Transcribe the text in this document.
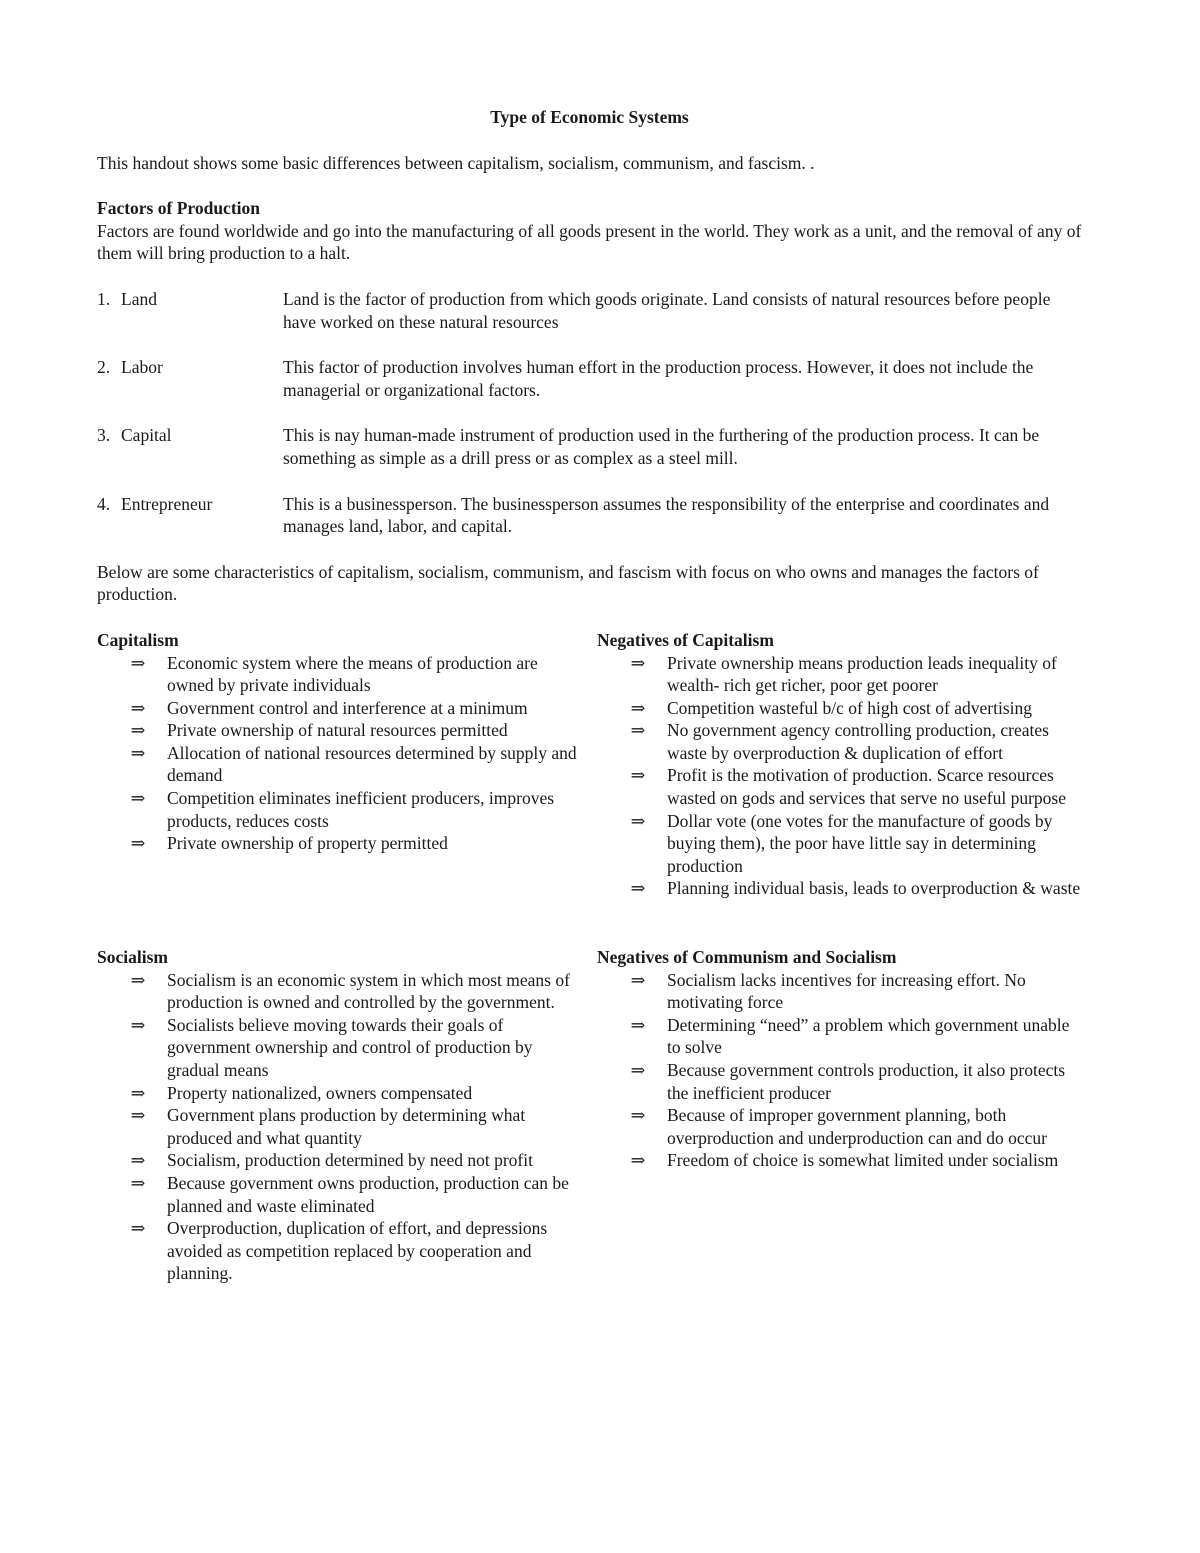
Type of Economic Systems
This handout shows some basic differences between capitalism, socialism, communism, and fascism. .
Factors of Production
Factors are found worldwide and go into the manufacturing of all goods present in the world. They work as a unit, and the removal of any of them will bring production to a halt.
1. Land	Land is the factor of production from which goods originate. Land consists of natural resources before people have worked on these natural resources
2. Labor	This factor of production involves human effort in the production process. However, it does not include the managerial or organizational factors.
3. Capital	This is nay human-made instrument of production used in the furthering of the production process. It can be something as simple as a drill press or as complex as a steel mill.
4. Entrepreneur	This is a businessperson. The businessperson assumes the responsibility of the enterprise and coordinates and manages land, labor, and capital.
Below are some characteristics of capitalism, socialism, communism, and fascism with focus on who owns and manages the factors of production.
Capitalism
⇒	Economic system where the means of production are owned by private individuals
⇒	Government control and interference at a minimum
⇒	Private ownership of natural resources permitted
⇒	Allocation of national resources determined by supply and demand
⇒	Competition eliminates inefficient producers, improves products, reduces costs
⇒	Private ownership of property permitted
Negatives of Capitalism
⇒	Private ownership means production leads inequality of wealth- rich get richer, poor get poorer
⇒	Competition wasteful b/c of high cost of advertising
⇒	No government agency controlling production, creates waste by overproduction & duplication of effort
⇒	Profit is the motivation of production. Scarce resources wasted on gods and services that serve no useful purpose
⇒	Dollar vote (one votes for the manufacture of goods by buying them), the poor have little say in determining production
⇒	Planning individual basis, leads to overproduction & waste
Socialism
⇒	Socialism is an economic system in which most means of production is owned and controlled by the government.
⇒	Socialists believe moving towards their goals of government ownership and control of production by gradual means
⇒	Property nationalized, owners compensated
⇒	Government plans production by determining what produced and what quantity
⇒	Socialism, production determined by need not profit
⇒	Because government owns production, production can be planned and waste eliminated
⇒	Overproduction, duplication of effort, and depressions avoided as competition replaced by cooperation and planning.
Negatives of Communism and Socialism
⇒	Socialism lacks incentives for increasing effort. No motivating force
⇒	Determining “need” a problem which government unable to solve
⇒	Because government controls production, it also protects the inefficient producer
⇒	Because of improper government planning, both overproduction and underproduction can and do occur
⇒	Freedom of choice is somewhat limited under socialism
